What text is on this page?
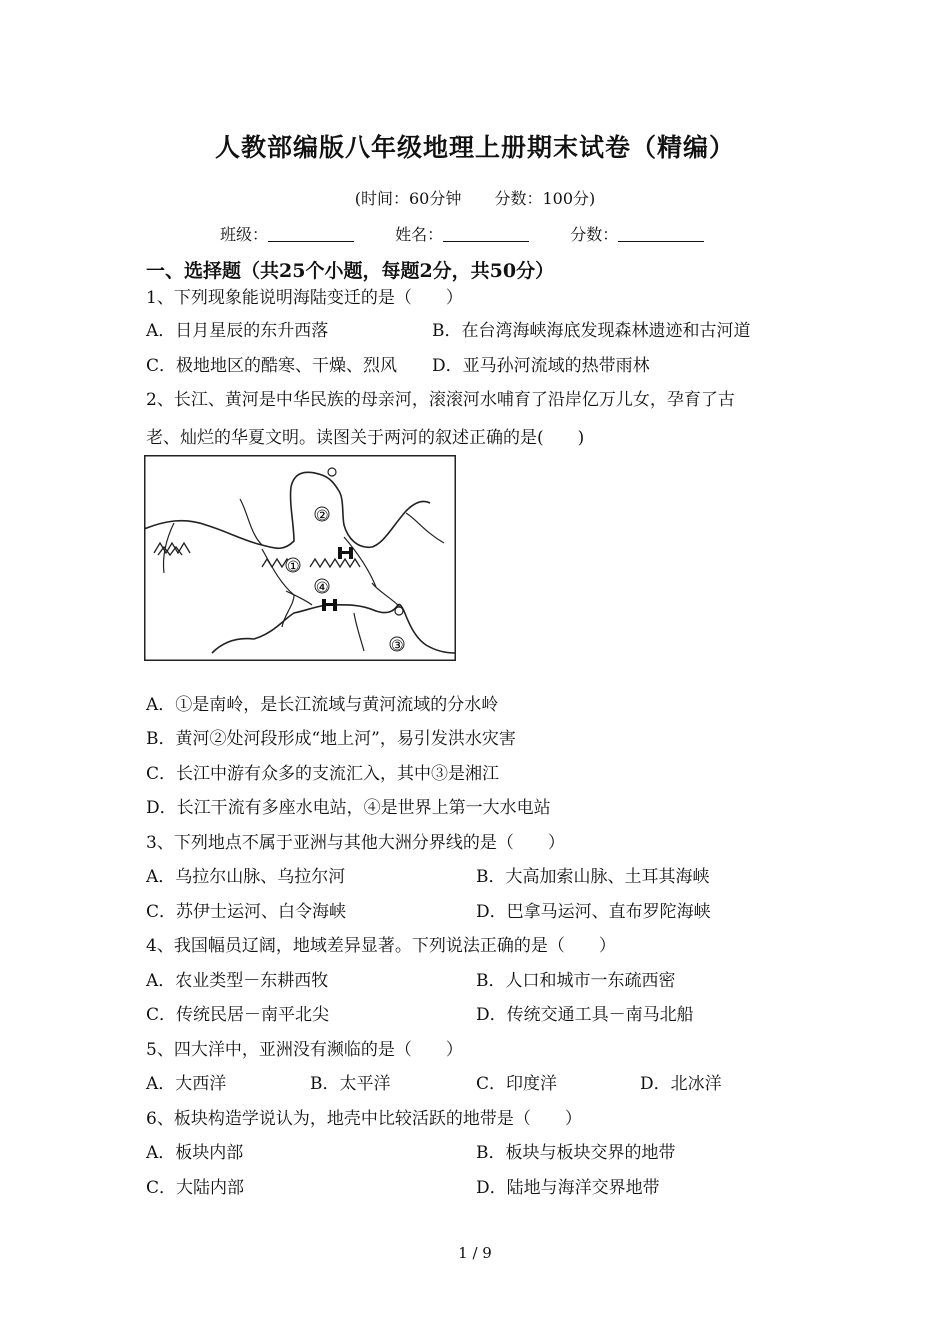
人教部编版八年级地理上册期末试卷（精编）
(时间：60分钟 分数：100分)
班级：	姓名：	分数：
一、选择题（共25个小题，每题2分，共50分）
1、下列现象能说明海陆变迁的是（　　）
A．日月星辰的东升西落	B．在台湾海峡海底发现森林遗迹和古河道
C．极地地区的酷寒、干燥、烈风 D．亚马孙河流域的热带雨林
2、长江、黄河是中华民族的母亲河，滚滚河水哺育了沿岸亿万儿女，孕育了古
老、灿烂的华夏文明。读图关于两河的叙述正确的是(　　)
①
②
③
④
A．①是南岭，是长江流域与黄河流域的分水岭
B．黄河②处河段形成“地上河”，易引发洪水灾害
C．长江中游有众多的支流汇入，其中③是湘江
D．长江干流有多座水电站，④是世界上第一大水电站
3、下列地点不属于亚洲与其他大洲分界线的是（　　）
A．乌拉尔山脉、乌拉尔河	B．大高加索山脉、土耳其海峡
C．苏伊士运河、白令海峡	D．巴拿马运河、直布罗陀海峡
4、我国幅员辽阔，地域差异显著。下列说法正确的是（　　）
A．农业类型－东耕西牧	B．人口和城市一东疏西密
C．传统民居－南平北尖	D．传统交通工具－南马北船
5、四大洋中，亚洲没有濒临的是（　　）
A．大西洋	B．太平洋	C．印度洋	D．北冰洋
6、板块构造学说认为，地壳中比较活跃的地带是（　　）
A．板块内部	B．板块与板块交界的地带
C．大陆内部	D．陆地与海洋交界地带
1 / 9
